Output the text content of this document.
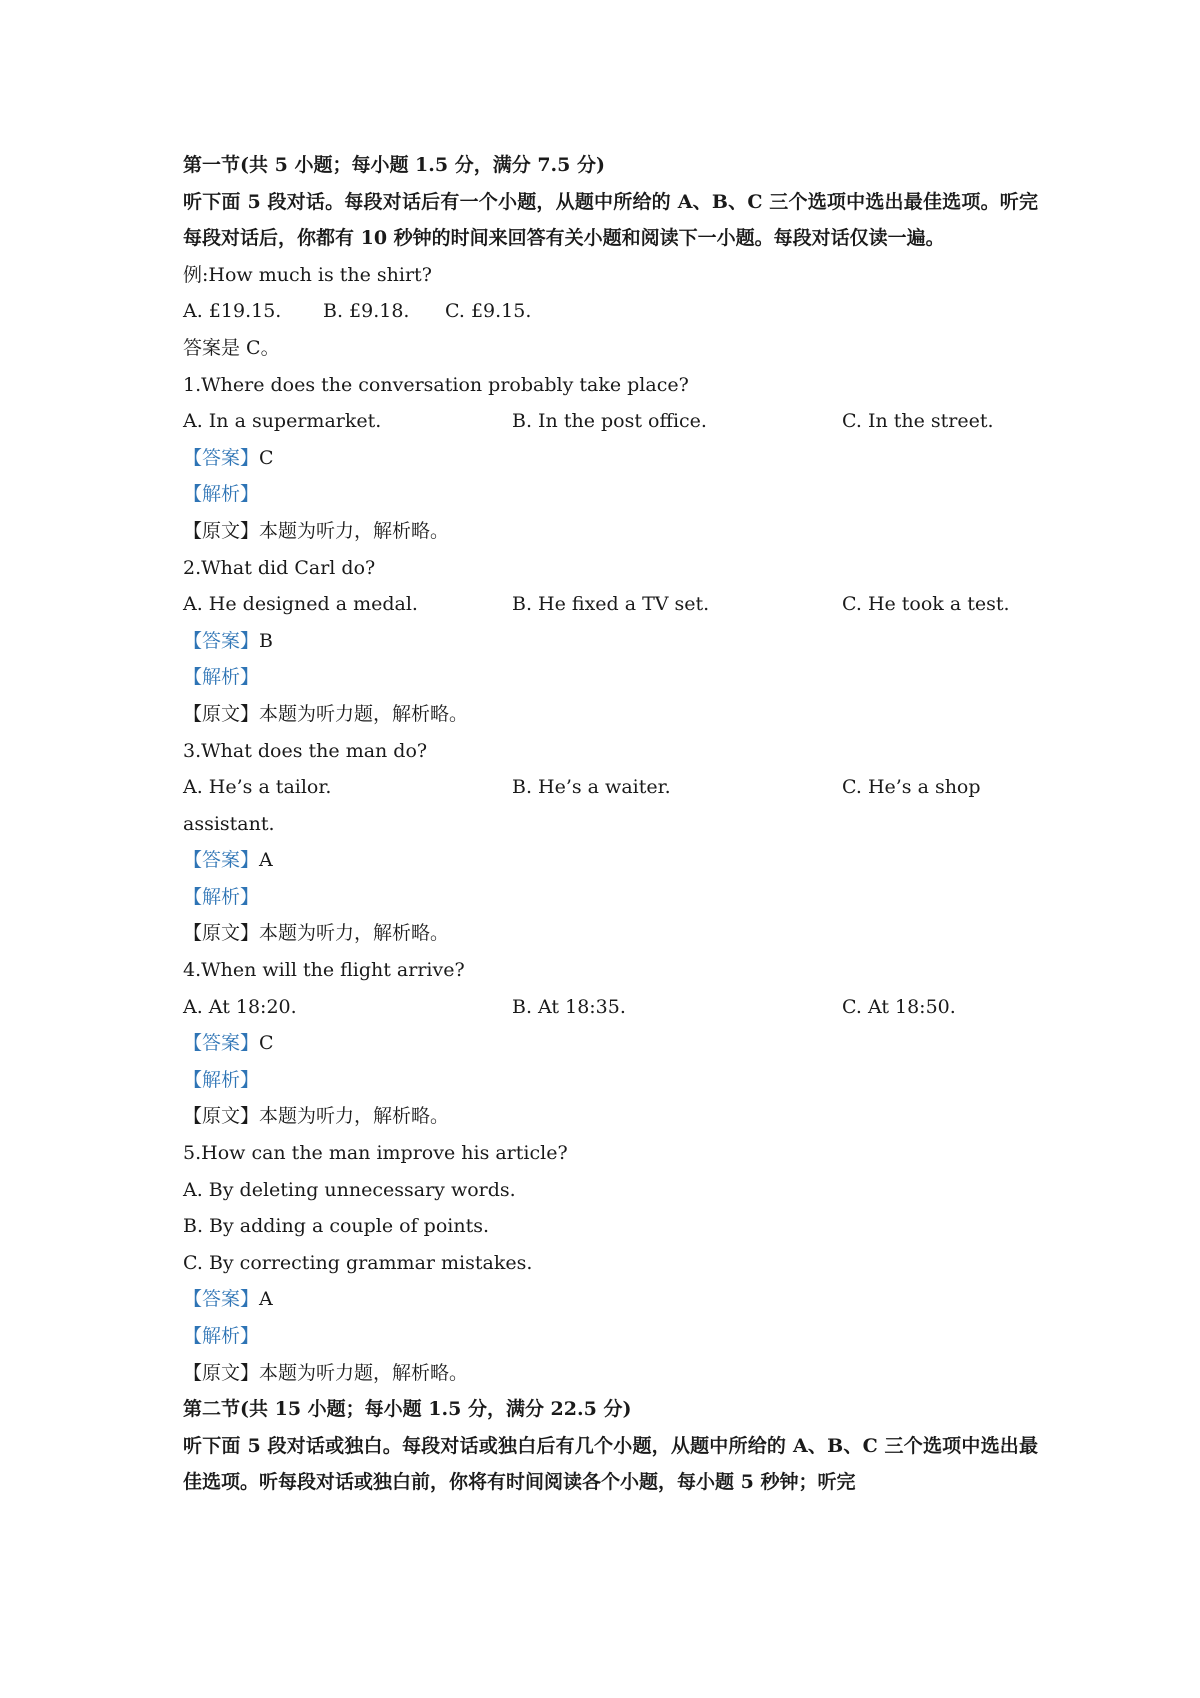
第一节(共 5 小题；每小题 1.5 分，满分 7.5 分)
听下面 5 段对话。每段对话后有一个小题，从题中所给的 A、B、C 三个选项中选出最佳选项。听完每段对话后，你都有 10 秒钟的时间来回答有关小题和阅读下一小题。每段对话仅读一遍。
例:How much is the shirt?
A. £19.15. B. £9.18. C. £9.15.
答案是 C。
1.Where does the conversation probably take place?
A. In a supermarket.	B. In the post office.	C. In the street.
【答案】C
【解析】
【原文】本题为听力，解析略。
2.What did Carl do?
A. He designed a medal.	B. He fixed a TV set.	C. He took a test.
【答案】B
【解析】
【原文】本题为听力题，解析略。
3.What does the man do?
A. He’s a tailor.	B. He’s a waiter.	C. He’s a shop
assistant.
【答案】A
【解析】
【原文】本题为听力，解析略。
4.When will the flight arrive?
A. At 18:20.	B. At 18:35.	C. At 18:50.
【答案】C
【解析】
【原文】本题为听力，解析略。
5.How can the man improve his article?
A. By deleting unnecessary words.
B. By adding a couple of points.
C. By correcting grammar mistakes.
【答案】A
【解析】
【原文】本题为听力题，解析略。
第二节(共 15 小题；每小题 1.5 分，满分 22.5 分)
听下面 5 段对话或独白。每段对话或独白后有几个小题，从题中所给的 A、B、C 三个选项中选出最佳选项。听每段对话或独白前，你将有时间阅读各个小题，每小题 5 秒钟；听完
